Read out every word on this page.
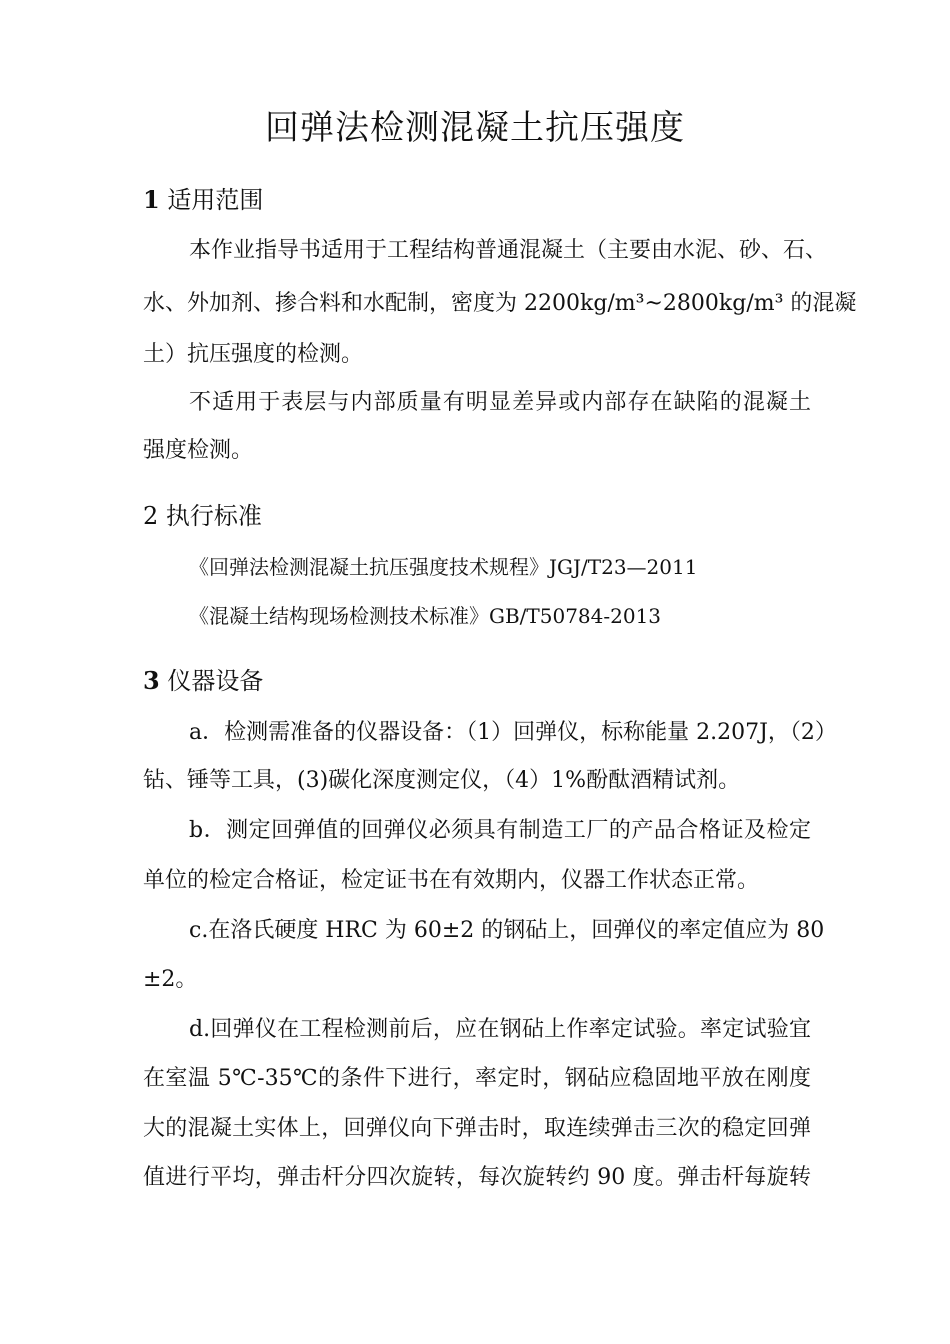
回弹法检测混凝土抗压强度
1 适用范围
本作业指导书适用于工程结构普通混凝土（主要由水泥、砂、石、
水、外加剂、掺合料和水配制，密度为 2200kg/m³~2800kg/m³ 的混凝
土）抗压强度的检测。
不适用于表层与内部质量有明显差异或内部存在缺陷的混凝土
强度检测。
2 执行标准
《回弹法检测混凝土抗压强度技术规程》JGJ/T23—2011
《混凝土结构现场检测技术标准》GB/T50784-2013
3 仪器设备
a．检测需准备的仪器设备：（1）回弹仪，标称能量 2.207J，（2）
钻、锤等工具，(3)碳化深度测定仪，（4）1%酚酞酒精试剂。
b．测定回弹值的回弹仪必须具有制造工厂的产品合格证及检定
单位的检定合格证，检定证书在有效期内，仪器工作状态正常。
c.在洛氏硬度 HRC 为 60±2 的钢砧上，回弹仪的率定值应为 80
±2。
d.回弹仪在工程检测前后，应在钢砧上作率定试验。率定试验宜
在室温 5℃-35℃的条件下进行，率定时，钢砧应稳固地平放在刚度
大的混凝土实体上，回弹仪向下弹击时，取连续弹击三次的稳定回弹
值进行平均，弹击杆分四次旋转，每次旋转约 90 度。弹击杆每旋转
